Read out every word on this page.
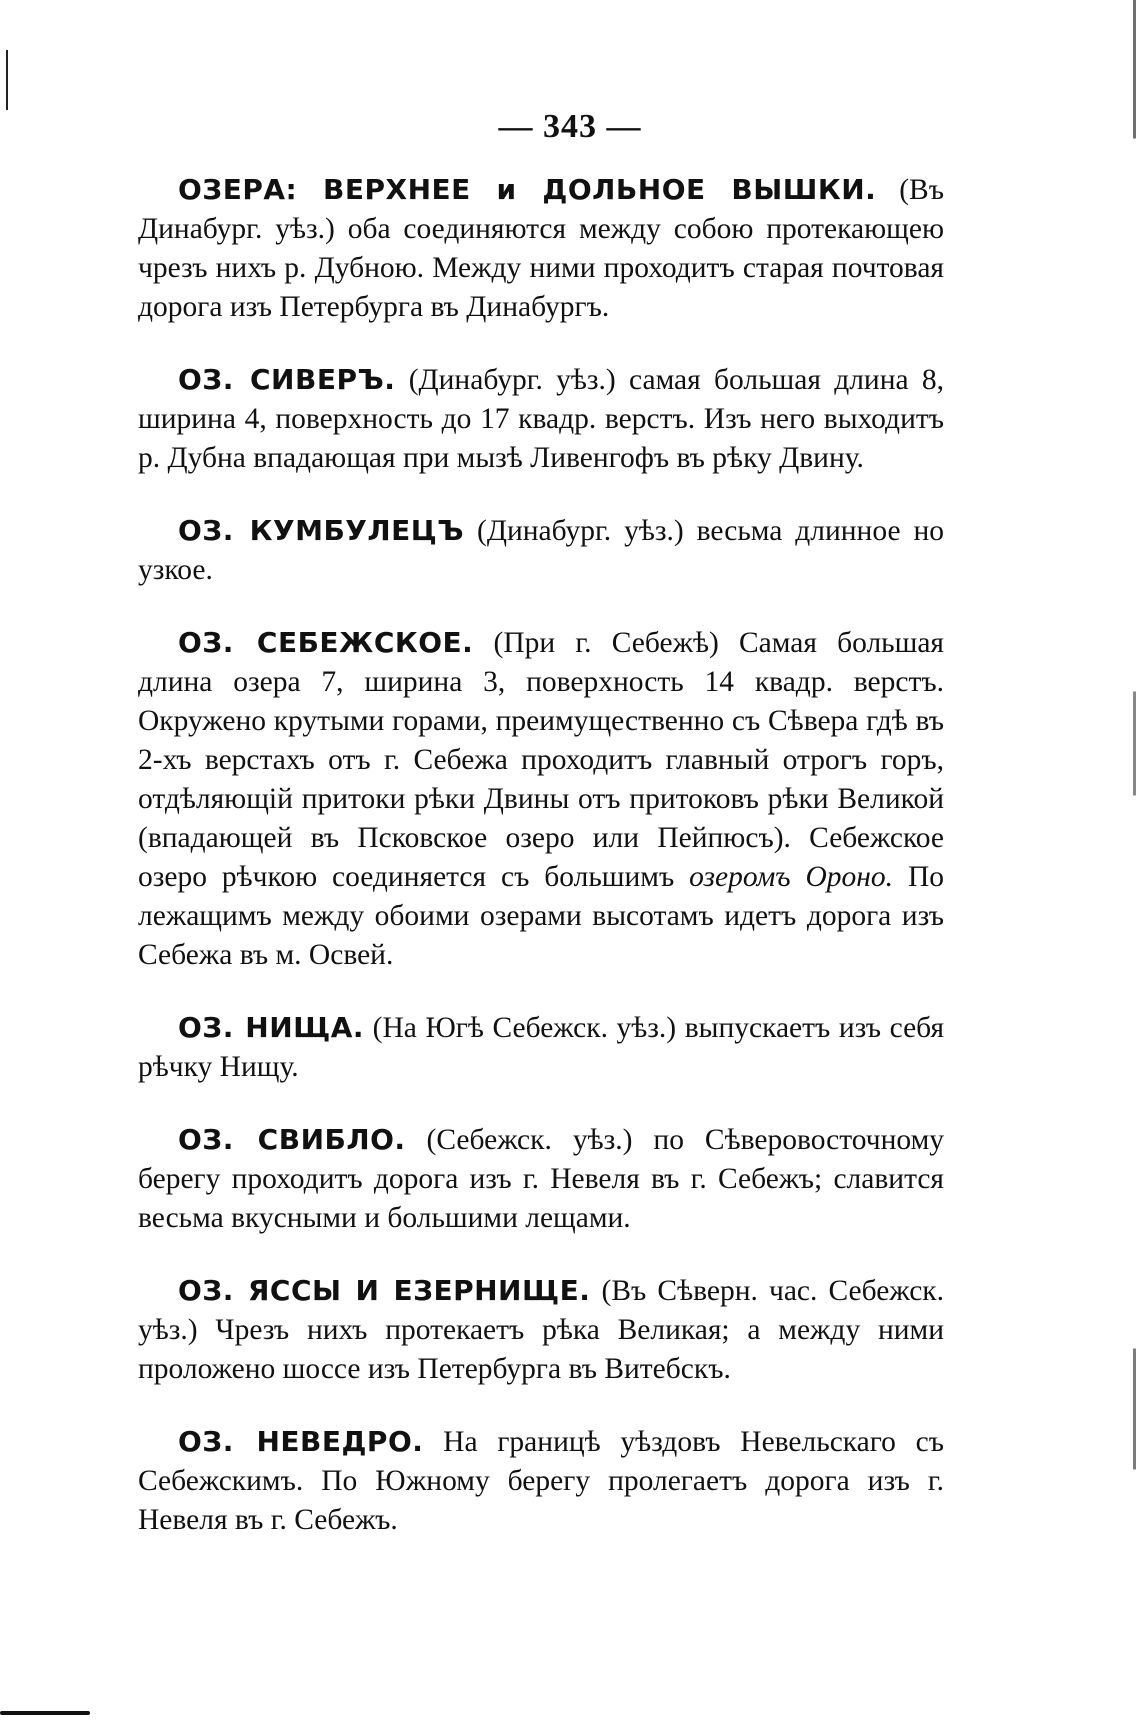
— 343 —

ОЗЕРА: ВЕРХНЕЕ и ДОЛЬНОЕ ВЫШКИ. (Въ Динабург. уѣз.) оба соединяются между собою протекающею чрезъ нихъ р. Дубною. Между ними проходитъ старая почтовая дорога изъ Петербурга въ Динабургъ.

ОЗ. СИВЕРЪ. (Динабург. уѣз.) самая большая длина 8, ширина 4, поверхность до 17 квадр. верстъ. Изъ него выходитъ р. Дубна впадающая при мызѣ Ливенгофъ въ рѣку Двину.

ОЗ. КУМБУЛЕЦЪ (Динабург. уѣз.) весьма длинное но узкое.

ОЗ. СЕБЕЖСКОЕ. (При г. Себежѣ) Самая большая длина озера 7, ширина 3, поверхность 14 квадр. верстъ. Окружено крутыми горами, преимущественно съ Сѣвера гдѣ въ 2-хъ верстахъ отъ г. Себежа проходитъ главный отрогъ горъ, отдѣляющій притоки рѣки Двины отъ притоковъ рѣки Великой (впадающей въ Псковское озеро или Пейпюсъ). Себежское озеро рѣчкою соединяется съ большимъ озеромъ Ороно. По лежащимъ между обоими озерами высотамъ идетъ дорога изъ Себежа въ м. Освей.

ОЗ. НИЩА. (На Югѣ Себежск. уѣз.) выпускаетъ изъ себя рѣчку Нищу.

ОЗ. СВИБЛО. (Себежск. уѣз.) по Сѣверовосточному берегу проходитъ дорога изъ г. Невеля въ г. Себежъ; славится весьма вкусными и большими лещами.

ОЗ. ЯССЫ И ЕЗЕРНИЩЕ. (Въ Сѣверн. час. Себежск. уѣз.) Чрезъ нихъ протекаетъ рѣка Великая; а между ними проложено шоссе изъ Петербурга въ Витебскъ.

ОЗ. НЕВЕДРО. На границѣ уѣздовъ Невельскаго съ Себежскимъ. По Южному берегу пролегаетъ дорога изъ г. Невеля въ г. Себежъ.
